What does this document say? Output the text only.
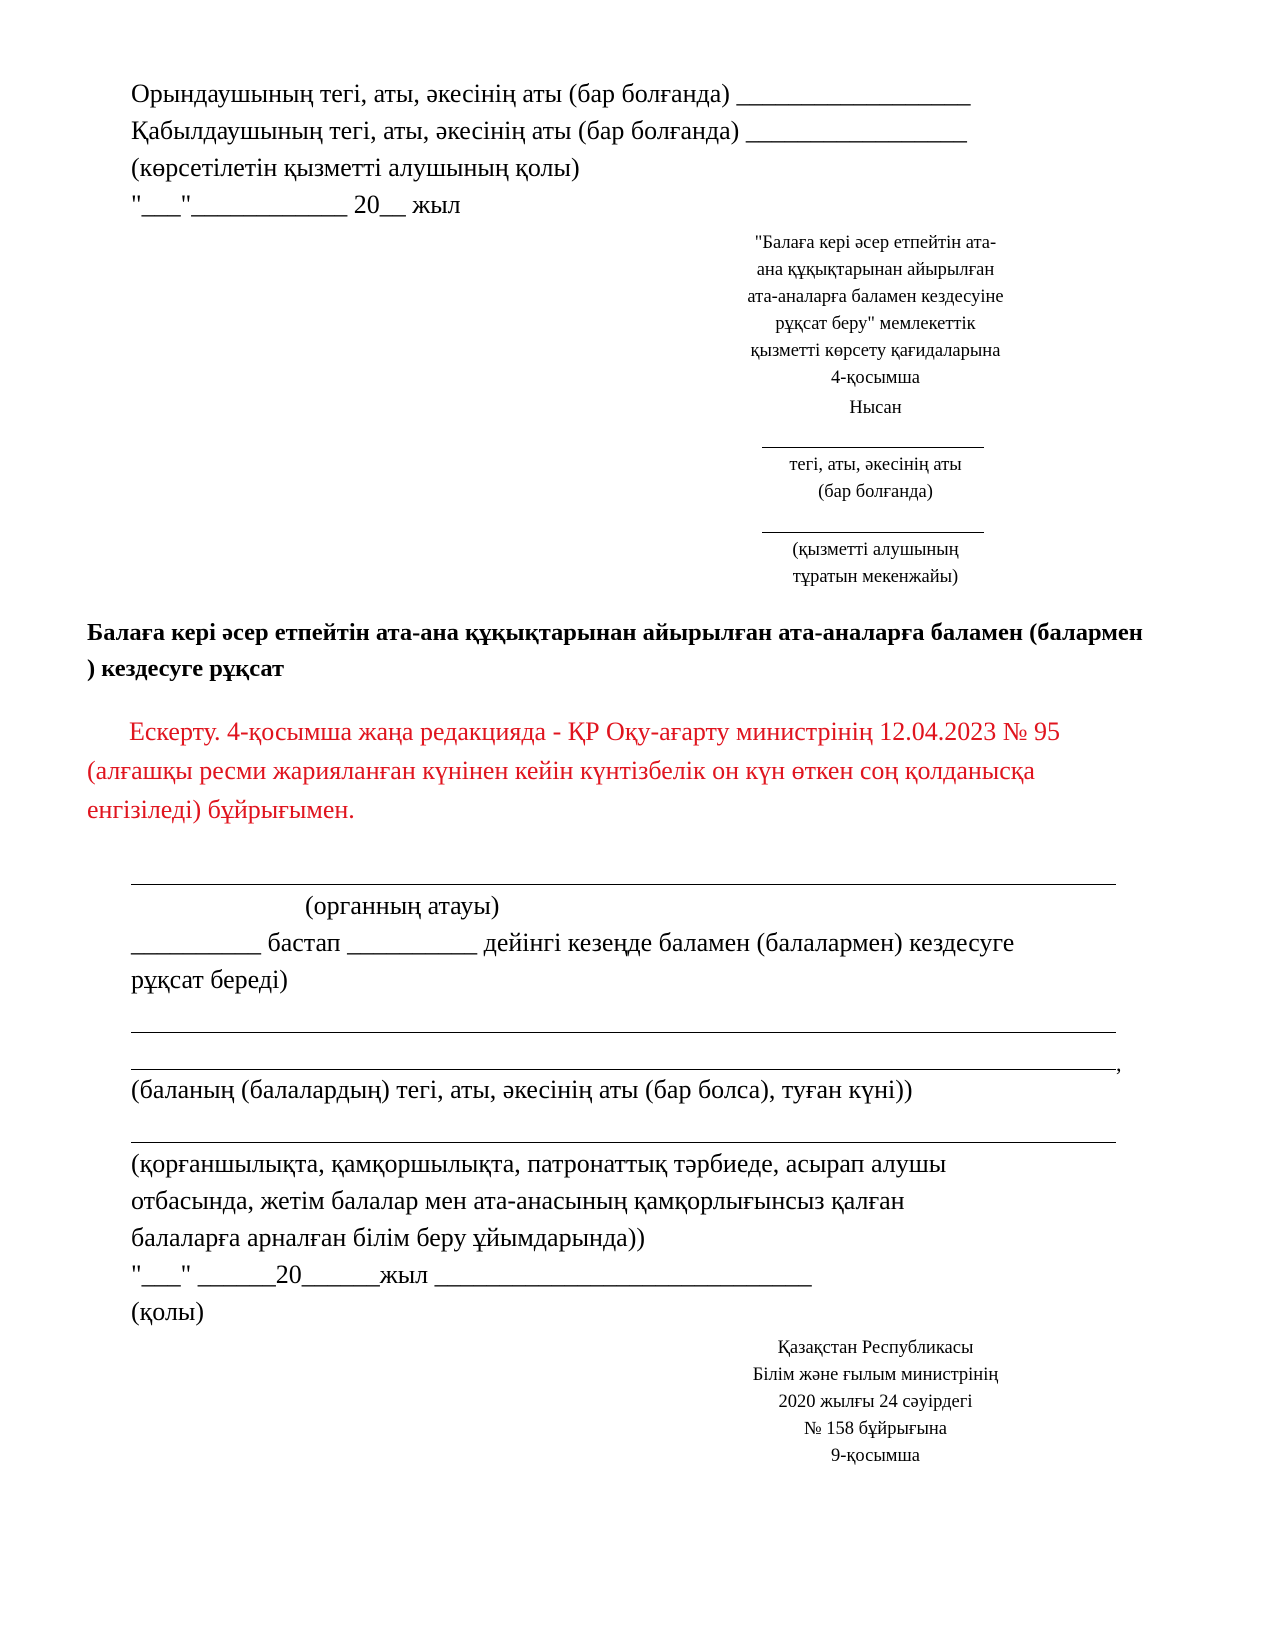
Орындаушының тегі, аты, әкесінің аты (бар болғанда) __________________
Қабылдаушының тегі, аты, әкесінің аты (бар болғанда) _________________
(көрсетілетін қызметті алушының қолы)
"___"____________ 20__ жыл
"Балаға кері әсер етпейтін ата-
ана құқықтарынан айырылған
ата-аналарға баламен кездесуіне
рұқсат беру" мемлекеттік
қызметті көрсету қағидаларына
4-қосымша
Нысан
тегі, аты, әкесінің аты
(бар болғанда)
(қызметті алушының
тұратын мекенжайы)
Балаға кері әсер етпейтін ата-ана құқықтарынан айырылған ата-аналарға баламен (балармен
) кездесуге рұқсат
Ескерту. 4-қосымша жаңа редакцияда - ҚР Оқу-ағарту министрінің 12.04.2023 № 95
(алғашқы ресми жарияланған күнінен кейін күнтізбелік он күн өткен соң қолданысқа
енгізіледі) бұйрығымен.
(органның атауы)
__________ бастап __________ дейінгі кезеңде баламен (балалармен) кездесуге
рұқсат береді)
,
(баланың (балалардың) тегі, аты, әкесінің аты (бар болса), туған күні))
(қорғаншылықта, қамқоршылықта, патронаттық тәрбиеде, асырап алушы
отбасында, жетім балалар мен ата-анасының қамқорлығынсыз қалған
балаларға арналған білім беру ұйымдарында))
"___" ______20______жыл _____________________________
(қолы)
Қазақстан Республикасы
Білім және ғылым министрінің
2020 жылғы 24 сәуірдегі
№ 158 бұйрығына
9-қосымша
